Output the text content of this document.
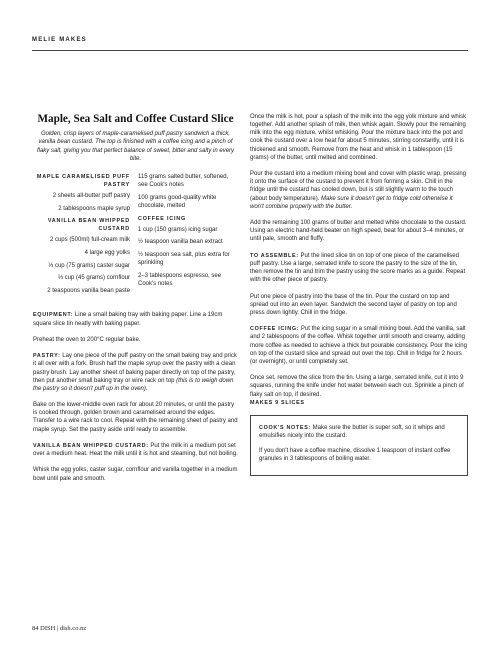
MELIE MAKES
Maple, Sea Salt and Coffee Custard Slice

Golden, crisp layers of maple-caramelised puff pastry sandwich a thick, vanilla bean custard. The top is finished with a coffee icing and a pinch of flaky salt, giving you that perfect balance of sweet, bitter and salty in every bite.

MAPLE CARAMELISED PUFF PASTRY
2 sheets all-butter puff pastry
2 tablespoons maple syrup
VANILLA BEAN WHIPPED CUSTARD
2 cups (500ml) full-cream milk
4 large egg yolks
⅓ cup (75 grams) caster sugar
⅓ cup (45 grams) cornflour
2 teaspoons vanilla bean paste
115 grams salted butter, softened, see Cook's notes
100 grams good-quality white chocolate, melted
COFFEE ICING
1 cup (150 grams) icing sugar
½ teaspoon vanilla bean extract
½ teaspoon sea salt, plus extra for sprinkling
2–3 tablespoons espresso, see Cook's notes

EQUIPMENT: Line a small baking tray with baking paper. Line a 19cm square slice tin neatly with baking paper.

Preheat the oven to 200°C regular bake.

PASTRY: Lay one piece of the puff pastry on the small baking tray and prick it all over with a fork. Brush half the maple syrup over the pastry with a clean pastry brush. Lay another sheet of baking paper directly on top of the pastry, then put another small baking tray or wire rack on top (this is to weigh down the pastry so it doesn't puff up in the oven).

Bake on the lower-middle oven rack for about 20 minutes, or until the pastry is cooked through, golden brown and caramelised around the edges. Transfer to a wire rack to cool. Repeat with the remaining sheet of pastry and maple syrup. Set the pastry aside until ready to assemble.

VANILLA BEAN WHIPPED CUSTARD: Put the milk in a medium pot set over a medium heat. Heat the milk until it is hot and steaming, but not boiling.

Whisk the egg yolks, caster sugar, cornflour and vanilla together in a medium bowl until pale and smooth.

Once the milk is hot, pour a splash of the milk into the egg yolk mixture and whisk together. Add another splash of milk, then whisk again. Slowly pour the remaining milk into the egg mixture, whilst whisking. Pour the mixture back into the pot and cook the custard over a low heat for about 5 minutes, stirring constantly, until it is thickened and smooth. Remove from the heat and whisk in 1 tablespoon (15 grams) of the butter, until melted and combined.

Pour the custard into a medium mixing bowl and cover with plastic wrap, pressing it onto the surface of the custard to prevent it from forming a skin. Chill in the fridge until the custard has cooled down, but is still slightly warm to the touch (about body temperature). Make sure it doesn't get to fridge cold otherwise it won't combine properly with the butter.

Add the remaining 100 grams of butter and melted white chocolate to the custard. Using an electric hand-held beater on high speed, beat for about 3–4 minutes, or until pale, smooth and fluffy.

TO ASSEMBLE: Put the lined slice tin on top of one piece of the caramelised puff pastry. Use a large, serrated knife to score the pastry to the size of the tin, then remove the tin and trim the pastry using the score marks as a guide. Repeat with the other piece of pastry.

Put one piece of pastry into the base of the tin. Pour the custard on top and spread out into an even layer. Sandwich the second layer of pastry on top and press down lightly. Chill in the fridge.

COFFEE ICING: Put the icing sugar in a small mixing bowl. Add the vanilla, salt and 2 tablespoons of the coffee. Whisk together until smooth and creamy, adding more coffee as needed to achieve a thick but pourable consistency. Pour the icing on top of the custard slice and spread out over the top. Chill in fridge for 2 hours (or overnight), or until completely set.

Once set, remove the slice from the tin. Using a large, serrated knife, cut it into 9 squares, running the knife under hot water between each cut. Sprinkle a pinch of flaky salt on top, if desired.
MAKES 9 SLICES

COOK'S NOTES: Make sure the butter is super soft, so it whips and emulsifies nicely into the custard.

If you don't have a coffee machine, dissolve 1 teaspoon of instant coffee granules in 3 tablespoons of boiling water.

84 DISH | dish.co.nz
